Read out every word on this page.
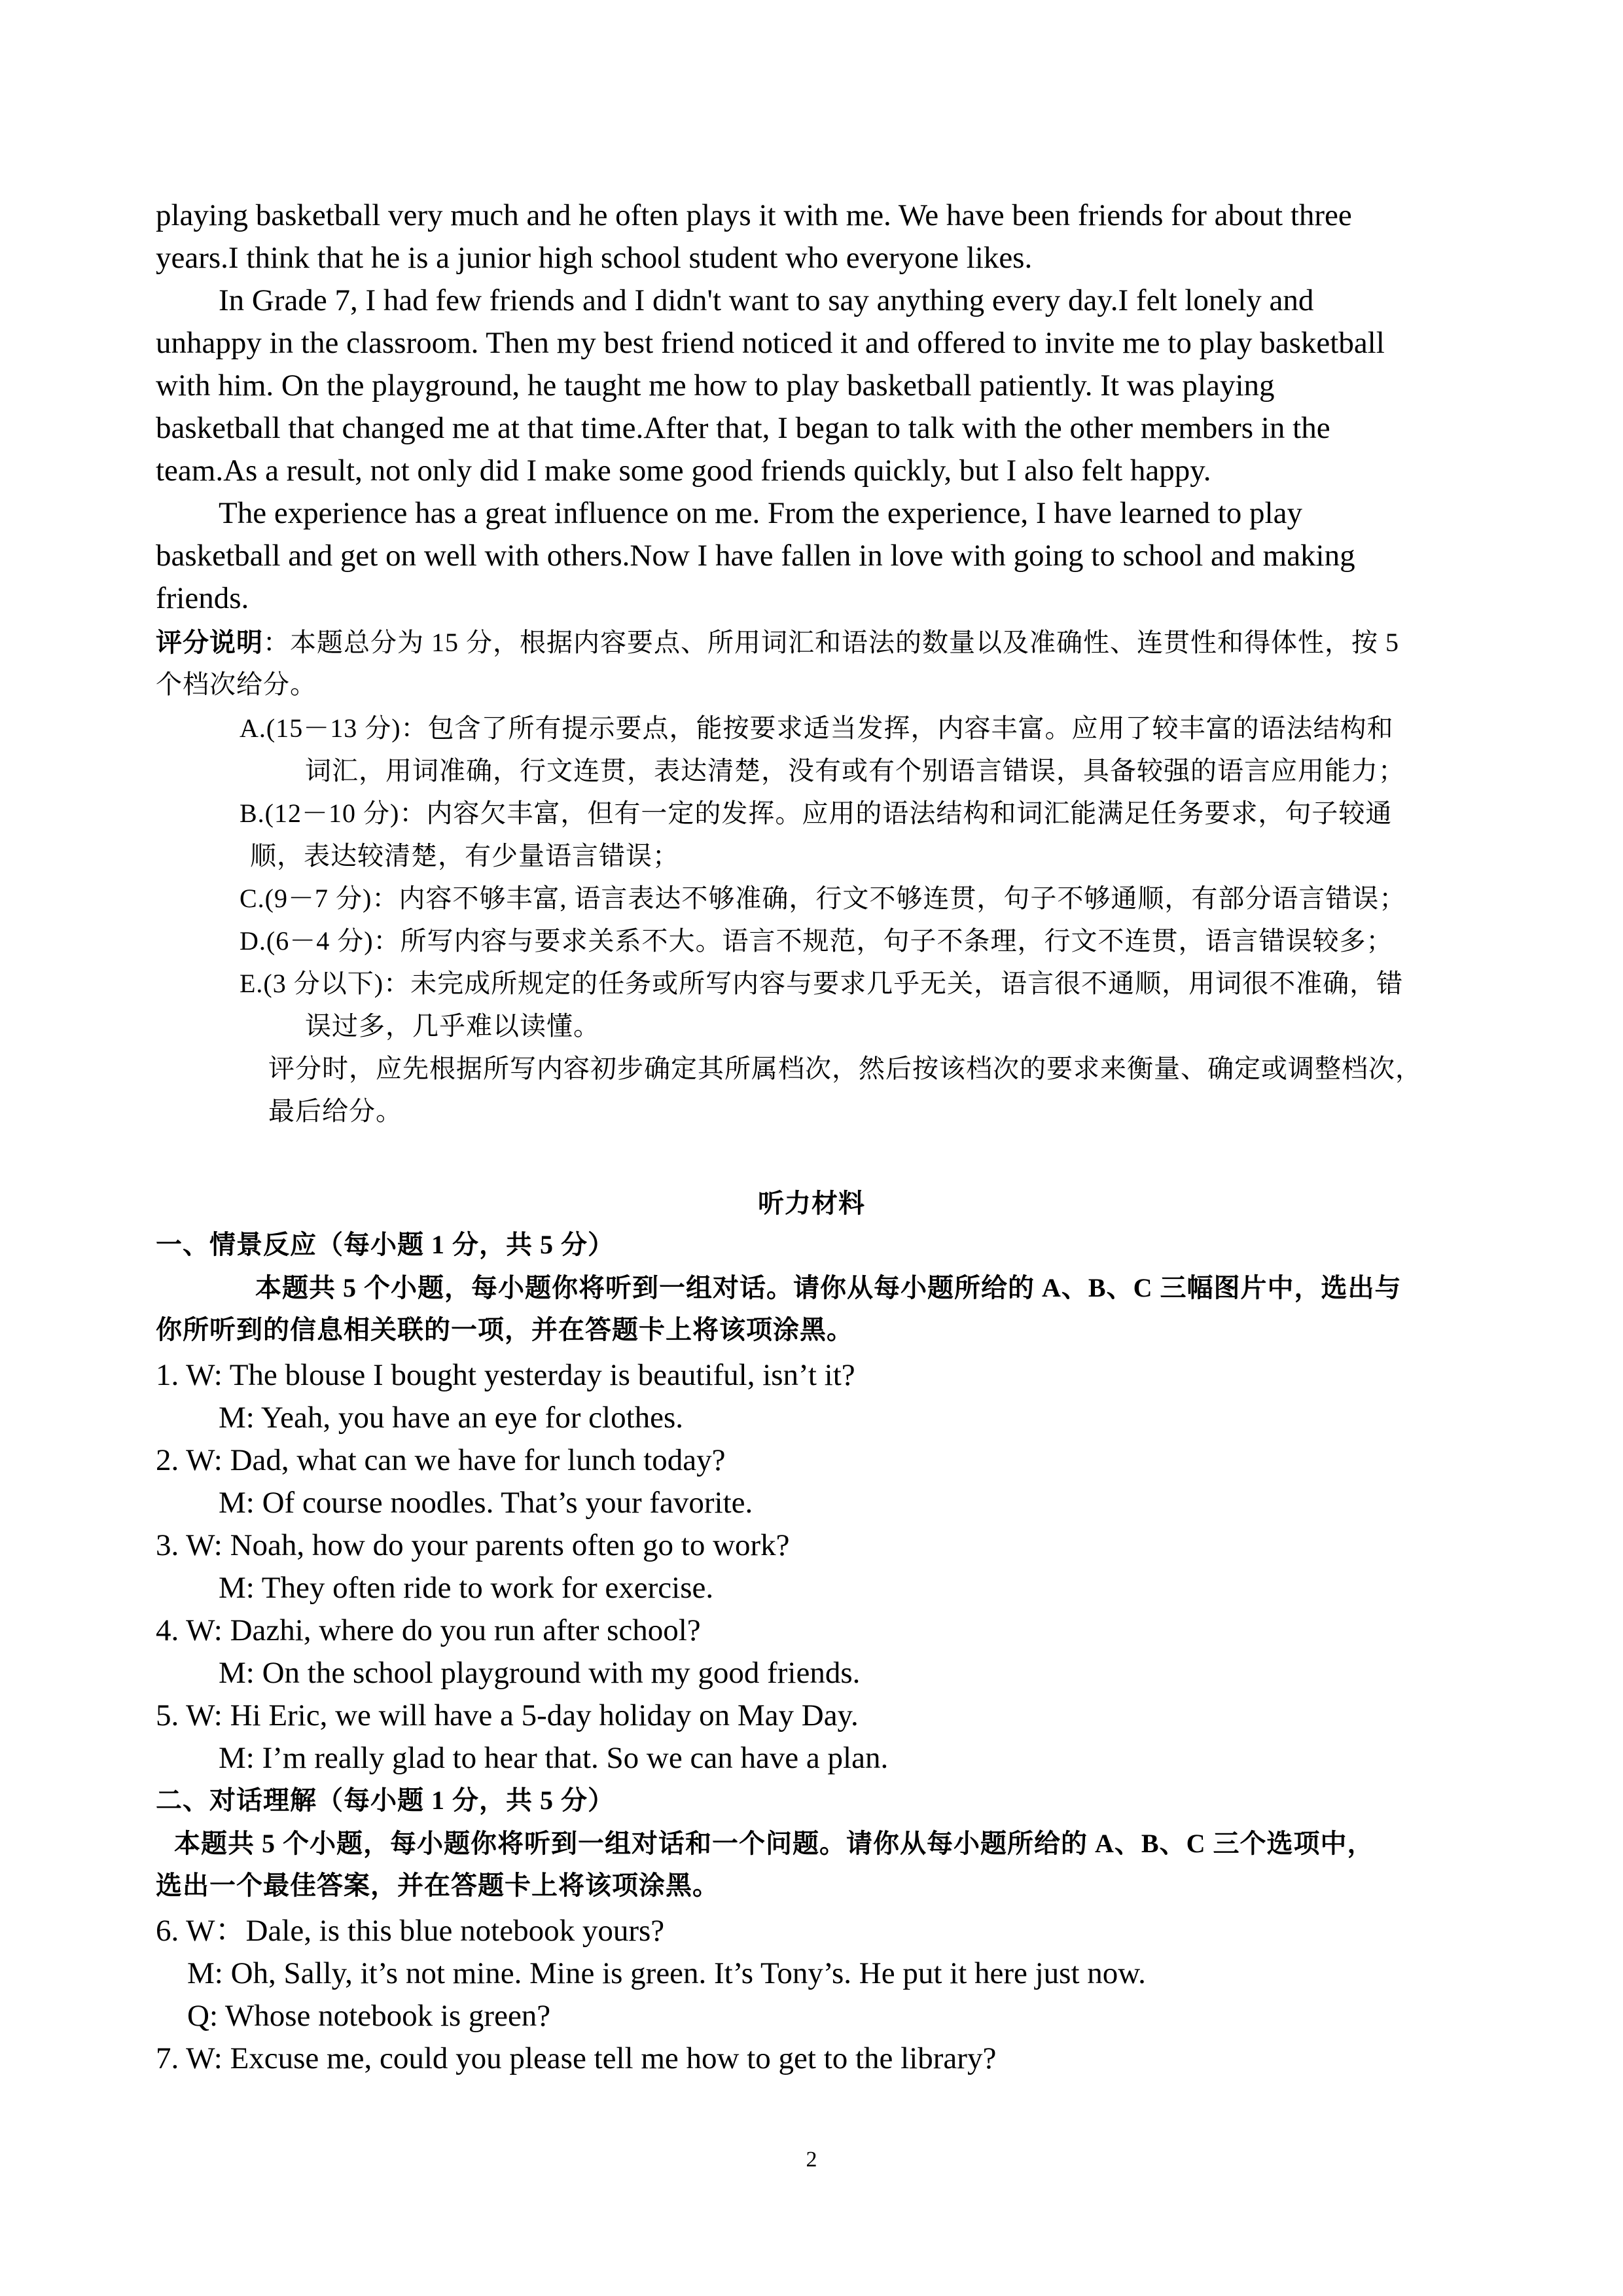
playing basketball very much and he often plays it with me. We have been friends for about three
years.I think that he is a junior high school student who everyone likes.
In Grade 7, I had few friends and I didn't want to say anything every day.I felt lonely and
unhappy in the classroom. Then my best friend noticed it and offered to invite me to play basketball
with him. On the playground, he taught me how to play basketball patiently. It was playing
basketball that changed me at that time.After that, I began to talk with the other members in the
team.As a result, not only did I make some good friends quickly, but I also felt happy.
The experience has a great influence on me. From the experience, I have learned to play
basketball and get on well with others.Now I have fallen in love with going to school and making
friends.
评分说明：本题总分为 15 分，根据内容要点、所用词汇和语法的数量以及准确性、连贯性和得体性，按 5
个档次给分。
A.(15－13 分)：包含了所有提示要点，能按要求适当发挥，内容丰富。应用了较丰富的语法结构和
词汇，用词准确，行文连贯，表达清楚，没有或有个别语言错误，具备较强的语言应用能力；
B.(12－10 分)：内容欠丰富，但有一定的发挥。应用的语法结构和词汇能满足任务要求，句子较通
顺，表达较清楚，有少量语言错误；
C.(9－7 分)：内容不够丰富, 语言表达不够准确，行文不够连贯，句子不够通顺，有部分语言错误；
D.(6－4 分)：所写内容与要求关系不大。语言不规范，句子不条理，行文不连贯，语言错误较多；
E.(3 分以下)：未完成所规定的任务或所写内容与要求几乎无关，语言很不通顺，用词很不准确，错
误过多，几乎难以读懂。
评分时，应先根据所写内容初步确定其所属档次，然后按该档次的要求来衡量、确定或调整档次，
最后给分。
听力材料
一、情景反应（每小题 1 分，共 5 分）
本题共 5 个小题，每小题你将听到一组对话。请你从每小题所给的 A、B、C 三幅图片中，选出与
你所听到的信息相关联的一项，并在答题卡上将该项涂黑。
1. W: The blouse I bought yesterday is beautiful, isn’t it?
M: Yeah, you have an eye for clothes.
2. W: Dad, what can we have for lunch today?
M: Of course noodles. That’s your favorite.
3. W: Noah, how do your parents often go to work?
M: They often ride to work for exercise.
4. W: Dazhi, where do you run after school?
M: On the school playground with my good friends.
5. W: Hi Eric, we will have a 5-day holiday on May Day.
M: I’m really glad to hear that. So we can have a plan.
二、对话理解（每小题 1 分，共 5 分）
本题共 5 个小题，每小题你将听到一组对话和一个问题。请你从每小题所给的 A、B、C 三个选项中，
选出一个最佳答案，并在答题卡上将该项涂黑。
6. W：Dale, is this blue notebook yours?
M: Oh, Sally, it’s not mine. Mine is green. It’s Tony’s. He put it here just now.
Q: Whose notebook is green?
7. W: Excuse me, could you please tell me how to get to the library?
2
